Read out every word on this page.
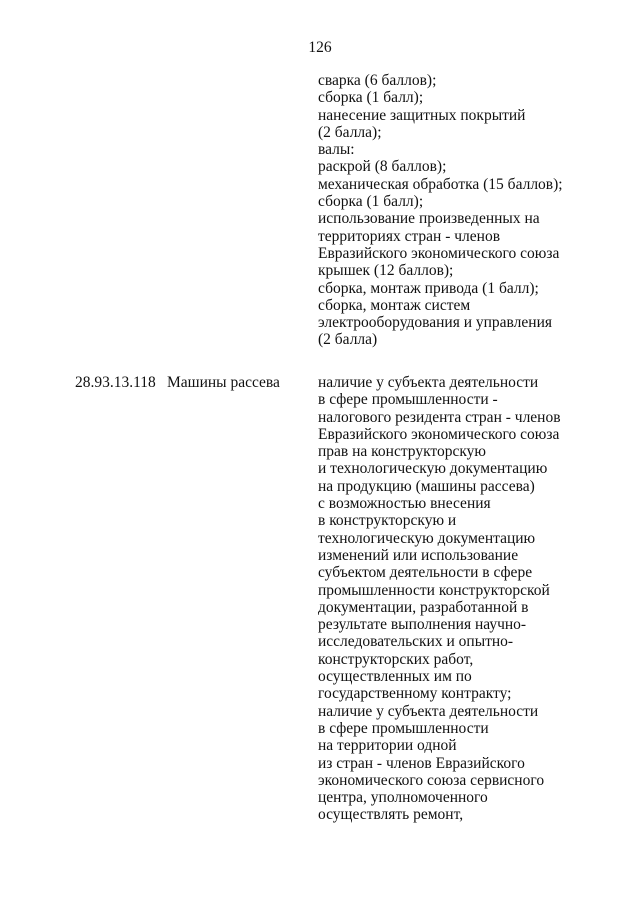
126
сварка (6 баллов);
сборка (1 балл);
нанесение защитных покрытий
(2 балла);
валы:
раскрой (8 баллов);
механическая обработка (15 баллов);
сборка (1 балл);
использование произведенных на
территориях стран - членов
Евразийского экономического союза
крышек (12 баллов);
сборка, монтаж привода (1 балл);
сборка, монтаж систем
электрооборудования и управления
(2 балла)
28.93.13.118 Машины рассева наличие у субъекта деятельности
в сфере промышленности -
налогового резидента стран - членов
Евразийского экономического союза
прав на конструкторскую
и технологическую документацию
на продукцию (машины рассева)
с возможностью внесения
в конструкторскую и
технологическую документацию
изменений или использование
субъектом деятельности в сфере
промышленности конструкторской
документации, разработанной в
результате выполнения научно-
исследовательских и опытно-
конструкторских работ,
осуществленных им по
государственному контракту;
наличие у субъекта деятельности
в сфере промышленности
на территории одной
из стран - членов Евразийского
экономического союза сервисного
центра, уполномоченного
осуществлять ремонт,
